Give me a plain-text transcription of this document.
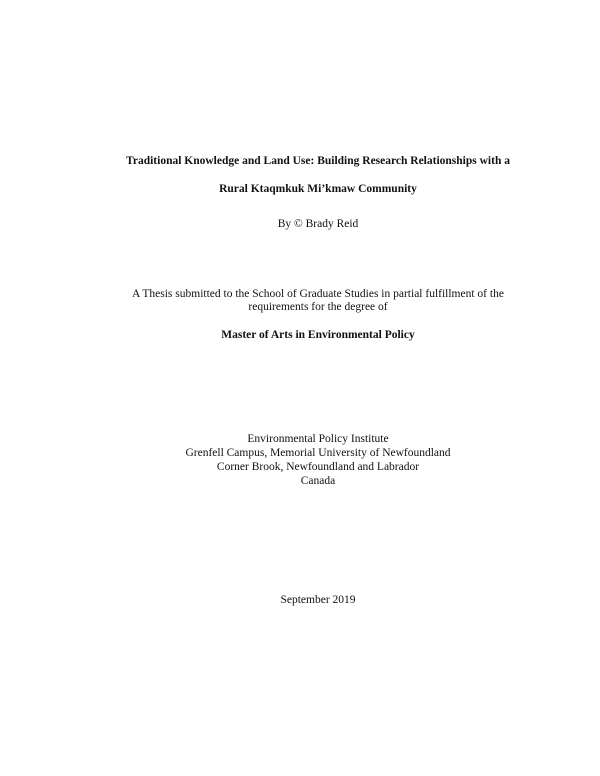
Traditional Knowledge and Land Use: Building Research Relationships with a
Rural Ktaqmkuk Mi’kmaw Community
By © Brady Reid
A Thesis submitted to the School of Graduate Studies in partial fulfillment of the
requirements for the degree of
Master of Arts in Environmental Policy
Environmental Policy Institute
Grenfell Campus, Memorial University of Newfoundland
Corner Brook, Newfoundland and Labrador
Canada
September 2019
